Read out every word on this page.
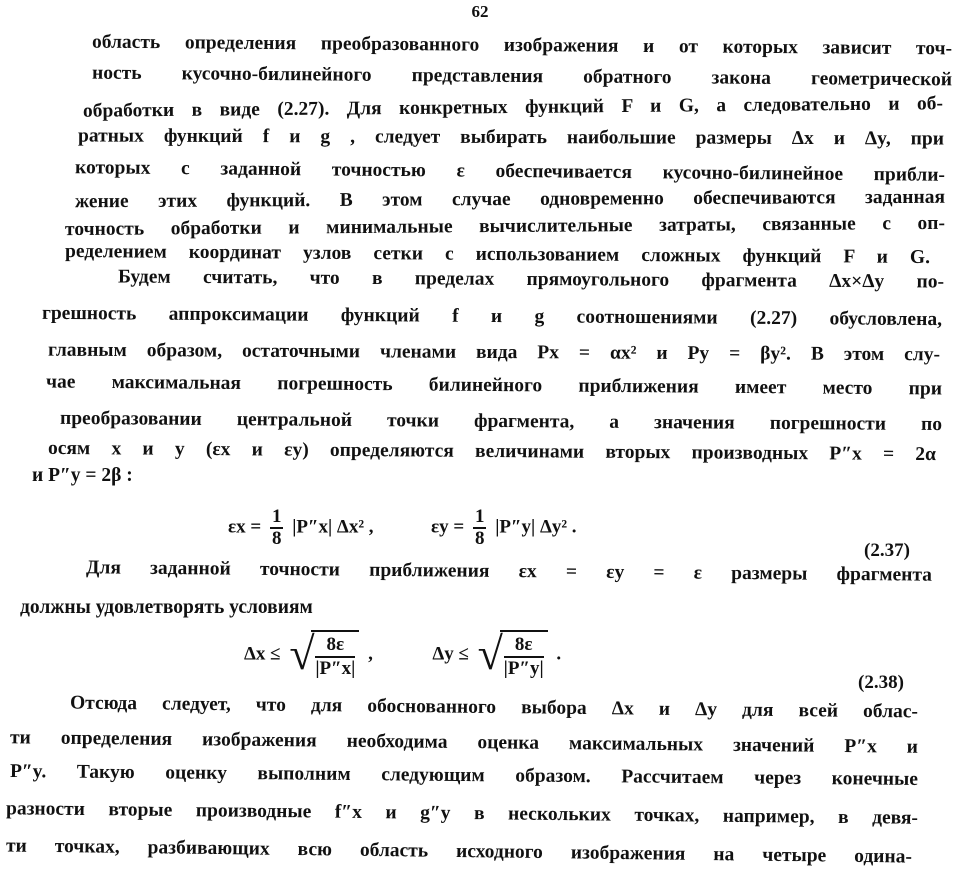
62
область определения преобразованного изображения и от которых зависит точ-
ность кусочно-билинейного представления обратного закона геометрической
обработки в виде (2.27). Для конкретных функций F и G, а следовательно и об-
ратных функций f и g , следует выбирать наибольшие размеры Δx и Δy, при
которых с заданной точностью ε обеспечивается кусочно-билинейное прибли-
жение этих функций. В этом случае одновременно обеспечиваются заданная
точность обработки и минимальные вычислительные затраты, связанные с оп-
ределением координат узлов сетки с использованием сложных функций F и G.
Будем считать, что в пределах прямоугольного фрагмента Δx×Δy по-
грешность аппроксимации функций f и g соотношениями (2.27) обусловлена,
главным образом, остаточными членами вида Px = αx² и Py = βy². В этом слу-
чае максимальная погрешность билинейного приближения имеет место при
преобразовании центральной точки фрагмента, а значения погрешности по
осям x и y (εx и εy) определяются величинами вторых производных P″x = 2α
и P″y = 2β :
$\varepsilon x = \frac{1}{8} |P''x|$ Δx² ,	$\varepsilon y = \frac{1}{8} |P''y|$ Δy² .
(2.37)
Для заданной точности приближения εx = εy = ε размеры фрагмента
должны удовлетворять условиям
Δx ≤ √
$\frac{8\varepsilon}{|P''x|}$ ,	Δy ≤ √
$\frac{8\varepsilon}{|P''y|}$ .
(2.38)
Отсюда следует, что для обоснованного выбора Δx и Δy для всей облас-
ти определения изображения необходима оценка максимальных значений P″x и
P″y. Такую оценку выполним следующим образом. Рассчитаем через конечные
разности вторые производные f″x и g″y в нескольких точках, например, в девя-
ти точках, разбивающих всю область исходного изображения на четыре одина-
